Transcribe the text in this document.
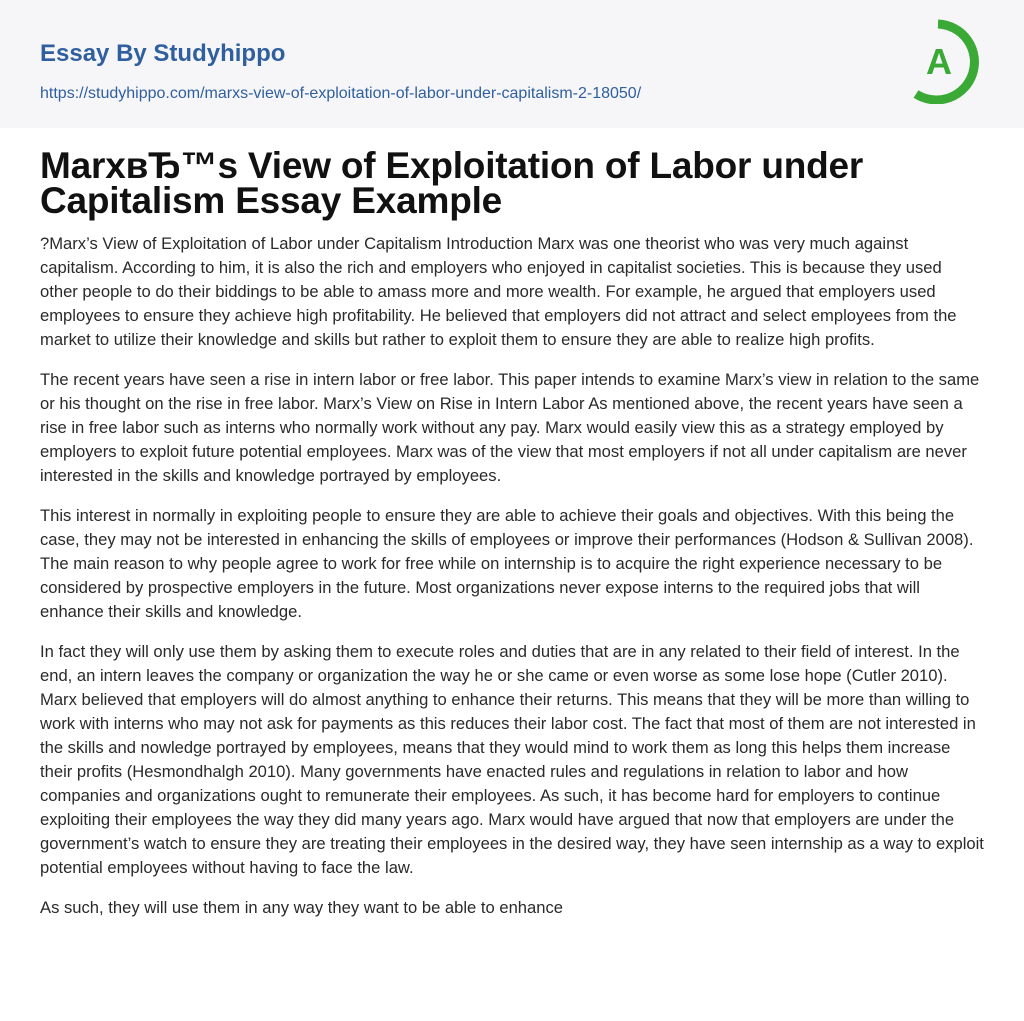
Essay By Studyhippo
https://studyhippo.com/marxs-view-of-exploitation-of-labor-under-capitalism-2-18050/
A
MarxвЂ™s View of Exploitation of Labor under Capitalism Essay Example

?Marx’s View of Exploitation of Labor under Capitalism Introduction Marx was one theorist who was very much against capitalism. According to him, it is also the rich and employers who enjoyed in capitalist societies. This is because they used other people to do their biddings to be able to amass more and more wealth. For example, he argued that employers used employees to ensure they achieve high profitability. He believed that employers did not attract and select employees from the market to utilize their knowledge and skills but rather to exploit them to ensure they are able to realize high profits.

The recent years have seen a rise in intern labor or free labor. This paper intends to examine Marx’s view in relation to the same or his thought on the rise in free labor. Marx’s View on Rise in Intern Labor As mentioned above, the recent years have seen a rise in free labor such as interns who normally work without any pay. Marx would easily view this as a strategy employed by employers to exploit future potential employees. Marx was of the view that most employers if not all under capitalism are never interested in the skills and knowledge portrayed by employees.

This interest in normally in exploiting people to ensure they are able to achieve their goals and objectives. With this being the case, they may not be interested in enhancing the skills of employees or improve their performances (Hodson & Sullivan 2008). The main reason to why people agree to work for free while on internship is to acquire the right experience necessary to be considered by prospective employers in the future. Most organizations never expose interns to the required jobs that will enhance their skills and knowledge.

In fact they will only use them by asking them to execute roles and duties that are in any related to their field of interest. In the end, an intern leaves the company or organization the way he or she came or even worse as some lose hope (Cutler 2010). Marx believed that employers will do almost anything to enhance their returns. This means that they will be more than willing to work with interns who may not ask for payments as this reduces their labor cost. The fact that most of them are not interested in the skills and nowledge portrayed by employees, means that they would mind to work them as long this helps them increase their profits (Hesmondhalgh 2010). Many governments have enacted rules and regulations in relation to labor and how companies and organizations ought to remunerate their employees. As such, it has become hard for employers to continue exploiting their employees the way they did many years ago. Marx would have argued that now that employers are under the government’s watch to ensure they are treating their employees in the desired way, they have seen internship as a way to exploit potential employees without having to face the law.

As such, they will use them in any way they want to be able to enhance
